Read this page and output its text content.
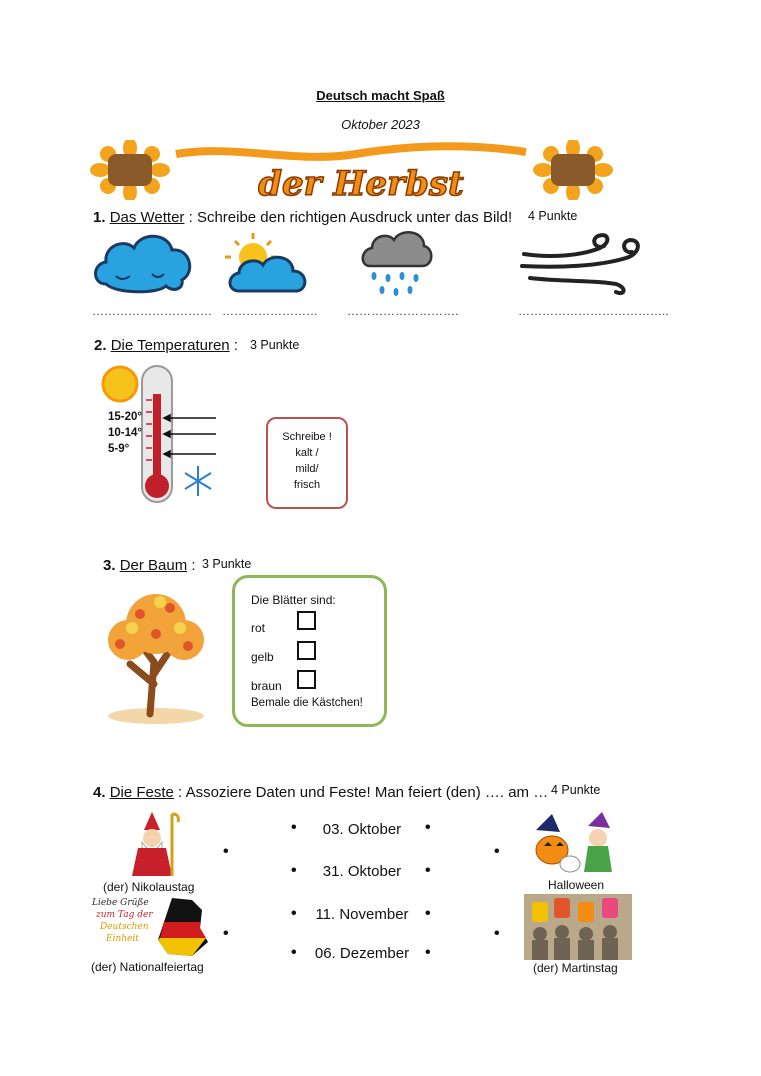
Deutsch macht Spaß
Oktober 2023
der Herbst
1. Das Wetter : Schreibe den richtigen Ausdruck unter das Bild! 4 Punkte
………………………… …………………… ……………………….	………………………………..
2. Die Temperaturen : 3 Punkte
15-20°
10-14°
5-9°
Schreibe !
kalt /
mild/
frisch
3. Der Baum : 3 Punkte
Die Blätter sind:
rot
gelb
braun
Bemale die Kästchen!
4. Die Feste : Assoziere Daten und Feste! Man feiert (den) …. am … 4 Punkte
(der) Nikolaustag
Liebe Grüße
zum Tag der
Deutschen
Einheit
(der) Nationalfeiertag
•
•
•	03. Oktober	•
•	31. Oktober	•
• 11. November •
• 06. Dezember •
•
•
Halloween
(der) Martinstag
